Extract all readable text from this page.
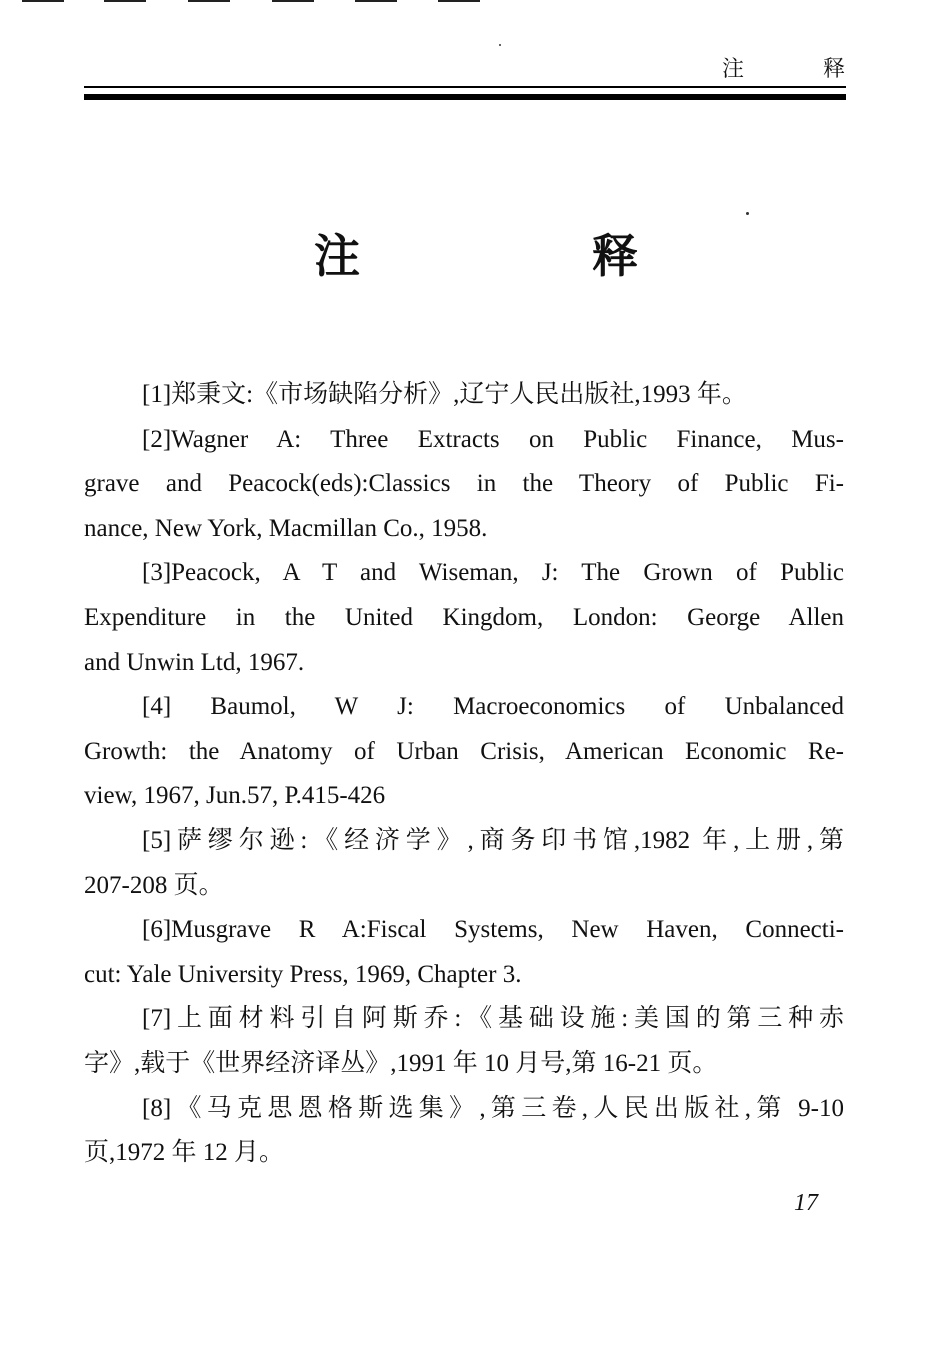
注 释
注 释

[1]郑秉文:《市场缺陷分析》,辽宁人民出版社,1993 年。

[2]Wagner A: Three Extracts on Public Finance, Mus-
grave and Peacock(eds):Classics in the Theory of Public Fi-
nance, New York, Macmillan Co., 1958.

[3]Peacock, A T and Wiseman, J: The Grown of Public
Expenditure in the United Kingdom, London: George Allen
and Unwin Ltd, 1967.

[4] Baumol, W J: Macroeconomics of Unbalanced
Growth: the Anatomy of Urban Crisis, American Economic Re-
view, 1967, Jun.57, P.415-426

[5]萨缪尔逊:《经济学》,商务印书馆,1982 年,上册,第
207-208 页。

[6]Musgrave R A:Fiscal Systems, New Haven, Connecti-
cut: Yale University Press, 1969, Chapter 3.

[7]上面材料引自阿斯乔:《基础设施:美国的第三种赤
字》,载于《世界经济译丛》,1991 年 10 月号,第 16-21 页。

[8]《马克思恩格斯选集》,第三卷,人民出版社,第 9-10
页,1972 年 12 月。

17
